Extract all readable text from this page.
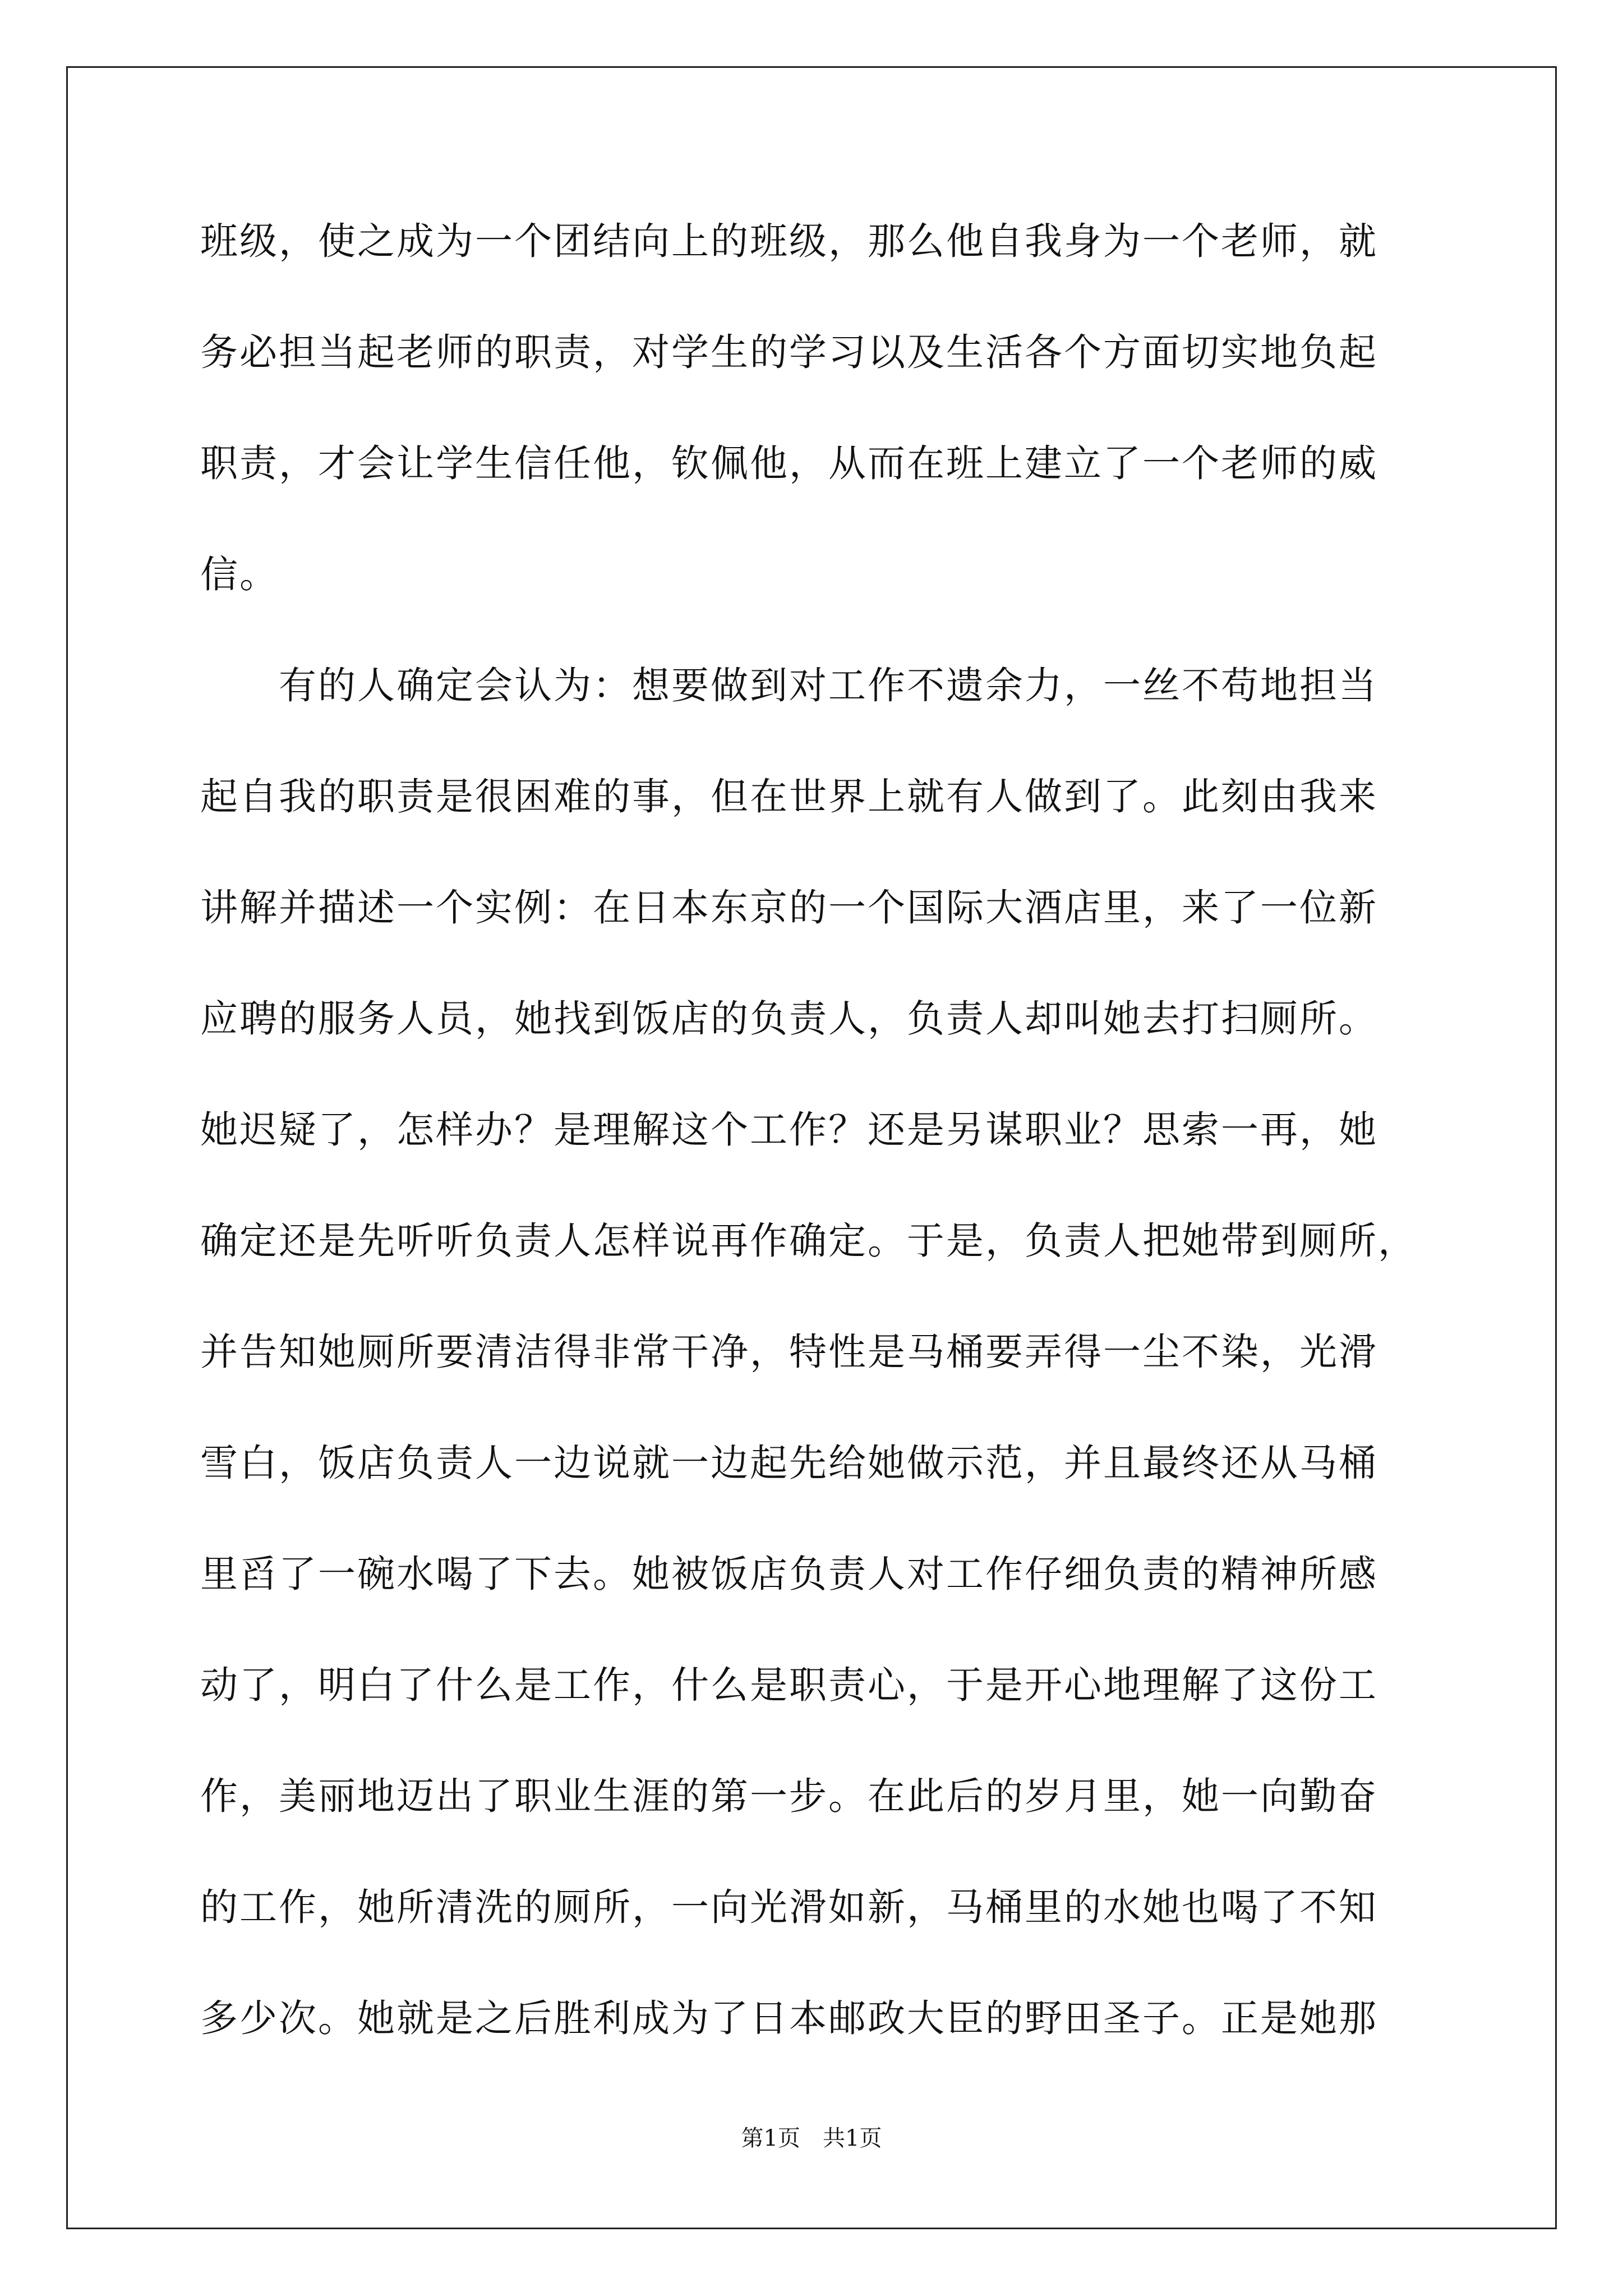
班级，使之成为一个团结向上的班级，那么他自我身为一个老师，就
务必担当起老师的职责，对学生的学习以及生活各个方面切实地负起
职责，才会让学生信任他，钦佩他，从而在班上建立了一个老师的威
信。
　　有的人确定会认为：想要做到对工作不遗余力，一丝不苟地担当
起自我的职责是很困难的事，但在世界上就有人做到了。此刻由我来
讲解并描述一个实例：在日本东京的一个国际大酒店里，来了一位新
应聘的服务人员，她找到饭店的负责人，负责人却叫她去打扫厕所。
她迟疑了，怎样办？是理解这个工作？还是另谋职业？思索一再，她
确定还是先听听负责人怎样说再作确定。于是，负责人把她带到厕所，
并告知她厕所要清洁得非常干净，特性是马桶要弄得一尘不染，光滑
雪白，饭店负责人一边说就一边起先给她做示范，并且最终还从马桶
里舀了一碗水喝了下去。她被饭店负责人对工作仔细负责的精神所感
动了，明白了什么是工作，什么是职责心，于是开心地理解了这份工
作，美丽地迈出了职业生涯的第一步。在此后的岁月里，她一向勤奋
的工作，她所清洗的厕所，一向光滑如新，马桶里的水她也喝了不知
多少次。她就是之后胜利成为了日本邮政大臣的野田圣子。正是她那
第1页　共1页
